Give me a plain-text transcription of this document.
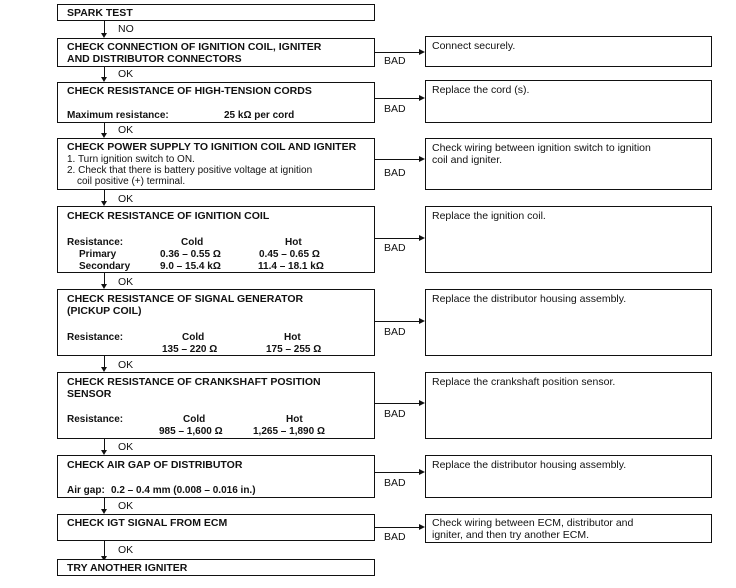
SPARK TEST
NO
CHECK CONNECTION OF IGNITION COIL, IGNITER
AND DISTRIBUTOR CONNECTORS	BAD
Connect securely.
OK
CHECK RESISTANCE OF HIGH-TENSION CORDS
Maximum resistance:	25 kΩ per cord
BAD
Replace the cord (s).
OK
CHECK POWER SUPPLY TO IGNITION COIL AND IGNITER
1. Turn ignition switch to ON.
2. Check that there is battery positive voltage at ignition
coil positive (+) terminal.
BAD
Check wiring between ignition switch to ignition
coil and igniter.
OK
CHECK RESISTANCE OF IGNITION COIL
Resistance:	Cold	Hot
Primary	0.36 – 0.55 Ω	0.45 – 0.65 Ω
Secondary	9.0 – 15.4 kΩ	11.4 – 18.1 kΩ
BAD
Replace the ignition coil.
OK
CHECK RESISTANCE OF SIGNAL GENERATOR
(PICKUP COIL)
Resistance:	Cold	Hot
135 – 220 Ω	175 – 255 Ω
BAD
Replace the distributor housing assembly.
OK
CHECK RESISTANCE OF CRANKSHAFT POSITION
SENSOR
Resistance:	Cold	Hot
985 – 1,600 Ω	1,265 – 1,890 Ω
BAD
Replace the crankshaft position sensor.
OK
CHECK AIR GAP OF DISTRIBUTOR
Air gap: 0.2 – 0.4 mm (0.008 – 0.016 in.)
BAD
Replace the distributor housing assembly.
OK
CHECK IGT SIGNAL FROM ECM
BAD
Check wiring between ECM, distributor and
igniter, and then try another ECM.
OK
TRY ANOTHER IGNITER
